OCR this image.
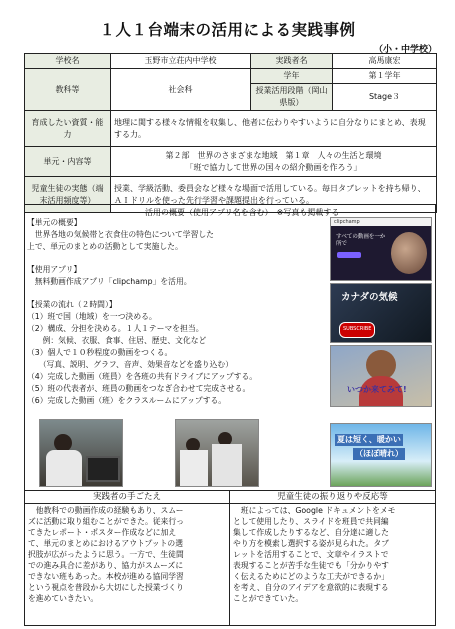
１人１台端末の活用による実践事例
（小・中学校）
学校名	玉野市立荘内中学校	実践者名	高馬康宏
教科等	社会科	学年	第１学年
		授業活用段階（岡山県版）	Stage３
育成したい資質・能力	地理に関する様々な情報を収集し、他者に伝わりやすいように自分なりにまとめ、表現する力。		
単元・内容等	第２部　世界のさまざまな地域　第１章　人々の生活と環境
「班で協力して世界の国々の紹介動画を作ろう」		

児童生徒の実態（端末活用頻度等）	授業、学級活動、委員会など様々な場面で活用している。毎日タブレットを持ち帰り、ＡＩドリルを使った先行学習や課題提出を行っている。		
活用の概要（使用アプリ名を含む）　※写真も掲載する
【単元の概要】
　世界各地の気候帯と衣食住の特色について学習した
上で、単元のまとめの活動として実施した。
【使用アプリ】
　無料動画作成アプリ「clipchamp」を活用。
【授業の流れ（２時間）】
（1）班で国（地域）を一つ決める。
（2）構成、分担を決める。１人１テーマを担当。
　　例：気候、衣服、食事、住居、歴史、文化など
（3）個人で１０秒程度の動画をつくる。
　　（写真、説明、グラフ、音声、効果音などを盛り込む）
（4）完成した動画（班員）を各班の共有ドライブにアップする。
（5）班の代表者が、班員の動画をつなぎ合わせて完成させる。
（6）完成した動画（班）をクラスルームにアップする。
clipchamp
すべての動画を一か所で
カナダの気候
SUBSCRIBE
いつか来てみて!
夏は短く、暖かい
（ほぼ晴れ）
実践者の手ごたえ	児童生徒の振り返りや反応等
　他教科での動画作成の経験もあり、スムー
ズに活動に取り組むことができた。従来行っ
てきたレポート・ポスター作成などに加え
て、単元のまとめにおけるアウトプットの選
択肢が広がったように思う。一方で、生徒間
での進み具合に差があり、協力がスムーズに
できない班もあった。本校が進める協同学習
という視点を普段から大切にした授業づくり
を進めていきたい。
　班によっては、Google ドキュメントをメモ
として使用したり、スライドを班員で共同編
集して作成したりするなど、自分達に適した
やり方を模索し選択する姿が見られた。タブ
レットを活用することで、文章やイラストで
表現することが苦手な生徒でも「分かりやす
く伝えるためにどのような工夫ができるか」
を考え、自分のアイデアを意欲的に表現する
ことができていた。
